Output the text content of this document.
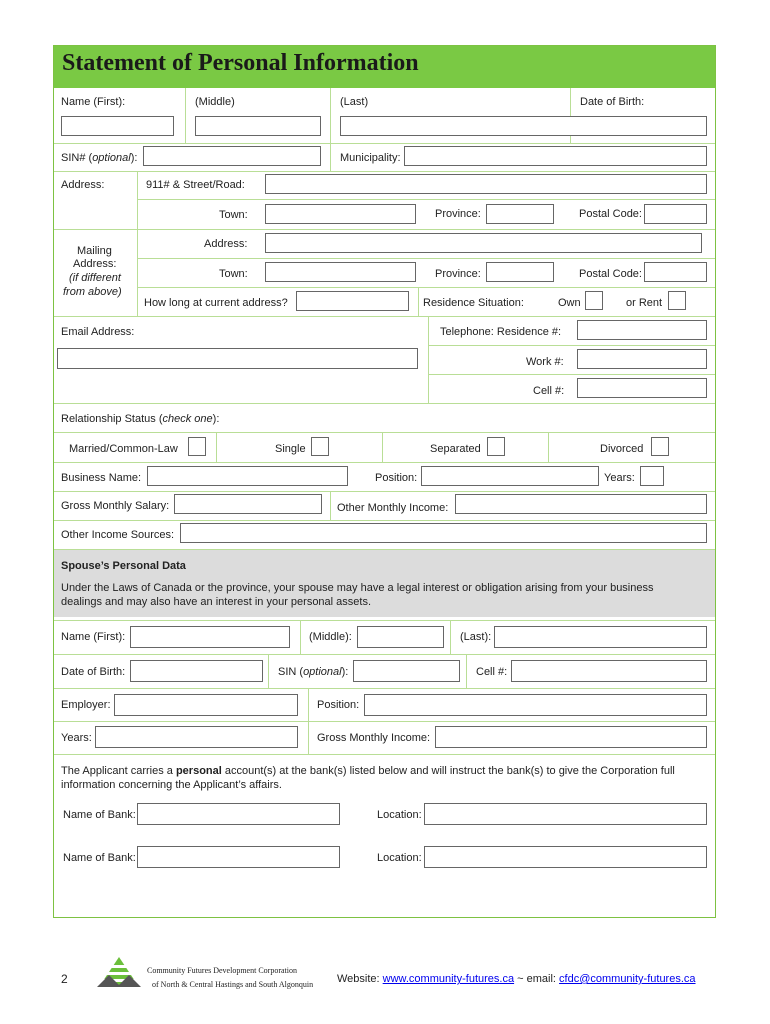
Statement of Personal Information
Name (First):	(Middle)	(Last)	Date of Birth:
SIN# (optional):	Municipality:
Address:	911# & Street/Road:
Town:	Province:	Postal Code:
Mailing
Address:
(if different
from above)
Address:
Town:	Province:	Postal Code:
How long at current address?	Residence Situation:	Own	or Rent
Email Address:	Telephone: Residence #:
Work #:
Cell #:
Relationship Status (check one):
Married/Common-Law	Single	Separated	Divorced
Business Name:	Position:	Years:
Gross Monthly Salary:	Other Monthly Income:
Other Income Sources:
Spouse’s Personal Data
Under the Laws of Canada or the province, your spouse may have a legal interest or obligation arising from your business
dealings and may also have an interest in your personal assets.
Name (First):	(Middle):	(Last):
Date of Birth:	SIN (optional):	Cell #:
Employer:	Position:
Years:	Gross Monthly Income:
The Applicant carries a personal account(s) at the bank(s) listed below and will instruct the bank(s) to give the Corporation full
information concerning the Applicant’s affairs.
Name of Bank:	Location:
Name of Bank:	Location:
2
Community Futures Development Corporation
of North & Central Hastings and South Algonquin Website: www.community-futures.ca ~ email: cfdc@community-futures.ca
